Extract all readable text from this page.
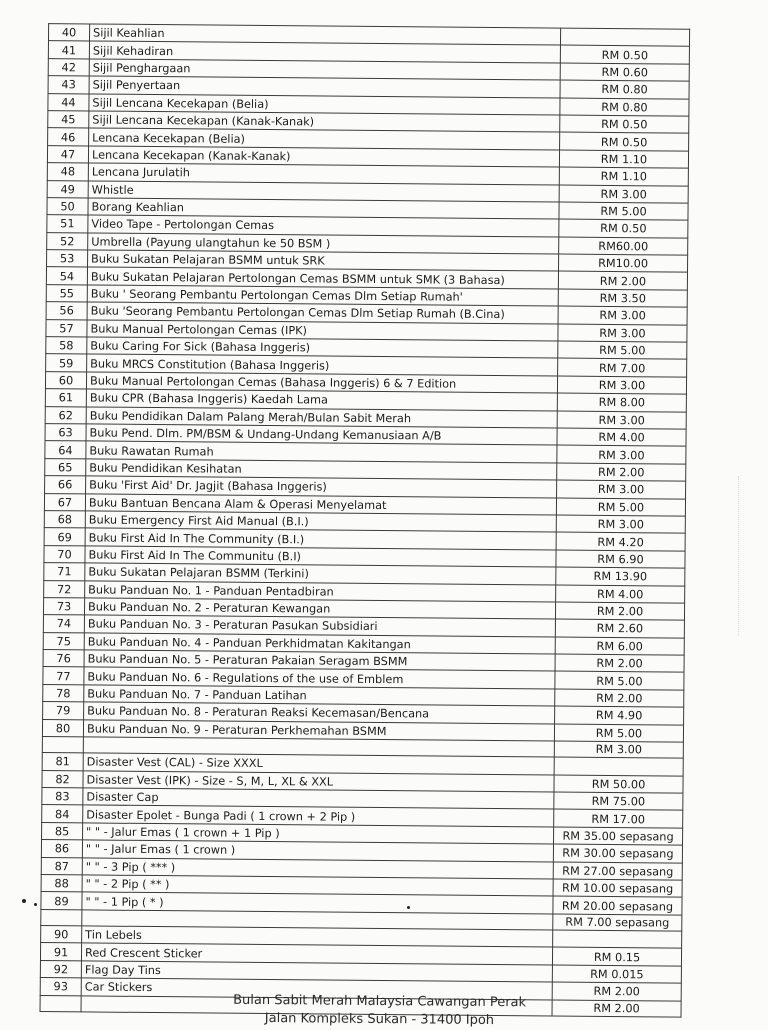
40	Sijil Keahlian	
41	Sijil Kehadiran	RM 0.50
42	Sijil Penghargaan	RM 0.60
43	Sijil Penyertaan	RM 0.80
44	Sijil Lencana Kecekapan (Belia)	RM 0.80
45	Sijil Lencana Kecekapan (Kanak-Kanak)	RM 0.50
46	Lencana Kecekapan (Belia)	RM 0.50
47	Lencana Kecekapan (Kanak-Kanak)	RM 1.10
48	Lencana Jurulatih	RM 1.10
49	Whistle	RM 3.00
50	Borang Keahlian	RM 5.00
51	Video Tape - Pertolongan Cemas	RM 0.50
52	Umbrella (Payung ulangtahun ke 50 BSM )	RM60.00
53	Buku Sukatan Pelajaran BSMM untuk SRK	RM10.00
54	Buku Sukatan Pelajaran Pertolongan Cemas BSMM untuk SMK (3 Bahasa)	RM 2.00
55	Buku ' Seorang Pembantu Pertolongan Cemas Dlm Setiap Rumah'	RM 3.50
56	Buku 'Seorang Pembantu Pertolongan Cemas Dlm Setiap Rumah (B.Cina)	RM 3.00
57	Buku Manual Pertolongan Cemas (IPK)	RM 3.00
58	Buku Caring For Sick (Bahasa Inggeris)	RM 5.00
59	Buku MRCS Constitution (Bahasa Inggeris)	RM 7.00
60	Buku Manual Pertolongan Cemas (Bahasa Inggeris) 6 & 7 Edition	RM 3.00
61	Buku CPR (Bahasa Inggeris) Kaedah Lama	RM 8.00
62	Buku Pendidikan Dalam Palang Merah/Bulan Sabit Merah	RM 3.00
63	Buku Pend. Dlm. PM/BSM & Undang-Undang Kemanusiaan A/B	RM 4.00
64	Buku Rawatan Rumah	RM 3.00
65	Buku Pendidikan Kesihatan	RM 2.00
66	Buku 'First Aid' Dr. Jagjit (Bahasa Inggeris)	RM 3.00
67	Buku Bantuan Bencana Alam & Operasi Menyelamat	RM 5.00
68	Buku Emergency First Aid Manual (B.I.)	RM 3.00
69	Buku First Aid In The Community (B.I.)	RM 4.20
70	Buku First Aid In The Communitu (B.I)	RM 6.90
71	Buku Sukatan Pelajaran BSMM (Terkini)	RM 13.90
72	Buku Panduan No. 1 - Panduan Pentadbiran	RM 4.00
73	Buku Panduan No. 2 - Peraturan Kewangan	RM 2.00
74	Buku Panduan No. 3 - Peraturan Pasukan Subsidiari	RM 2.60
75	Buku Panduan No. 4 - Panduan Perkhidmatan Kakitangan	RM 6.00
76	Buku Panduan No. 5 - Peraturan Pakaian Seragam BSMM	RM 2.00
77	Buku Panduan No. 6 - Regulations of the use of Emblem	RM 5.00
78	Buku Panduan No. 7 - Panduan Latihan	RM 2.00
79	Buku Panduan No. 8 - Peraturan Reaksi Kecemasan/Bencana	RM 4.90
80	Buku Panduan No. 9 - Peraturan Perkhemahan BSMM	RM 5.00
		RM 3.00
81	Disaster Vest (CAL) - Size XXXL	
82	Disaster Vest (IPK) - Size - S, M, L, XL & XXL	RM 50.00
83	Disaster Cap	RM 75.00
84	Disaster Epolet - Bunga Padi ( 1 crown + 2 Pip )	RM 17.00
85	" " - Jalur Emas ( 1 crown + 1 Pip )	RM 35.00 sepasang
86	" " - Jalur Emas ( 1 crown )	RM 30.00 sepasang
87	" " - 3 Pip ( *** )	RM 27.00 sepasang
88	" " - 2 Pip ( ** )	RM 10.00 sepasang
89	" " - 1 Pip ( * )	RM 20.00 sepasang
		RM 7.00 sepasang
90	Tin Lebels	
91	Red Crescent Sticker	RM 0.15
92	Flag Day Tins	RM 0.015
93	Car Stickers	RM 2.00
		RM 2.00
Bulan Sabit Merah Malaysia Cawangan Perak
Jalan Kompleks Sukan - 31400 Ipoh
